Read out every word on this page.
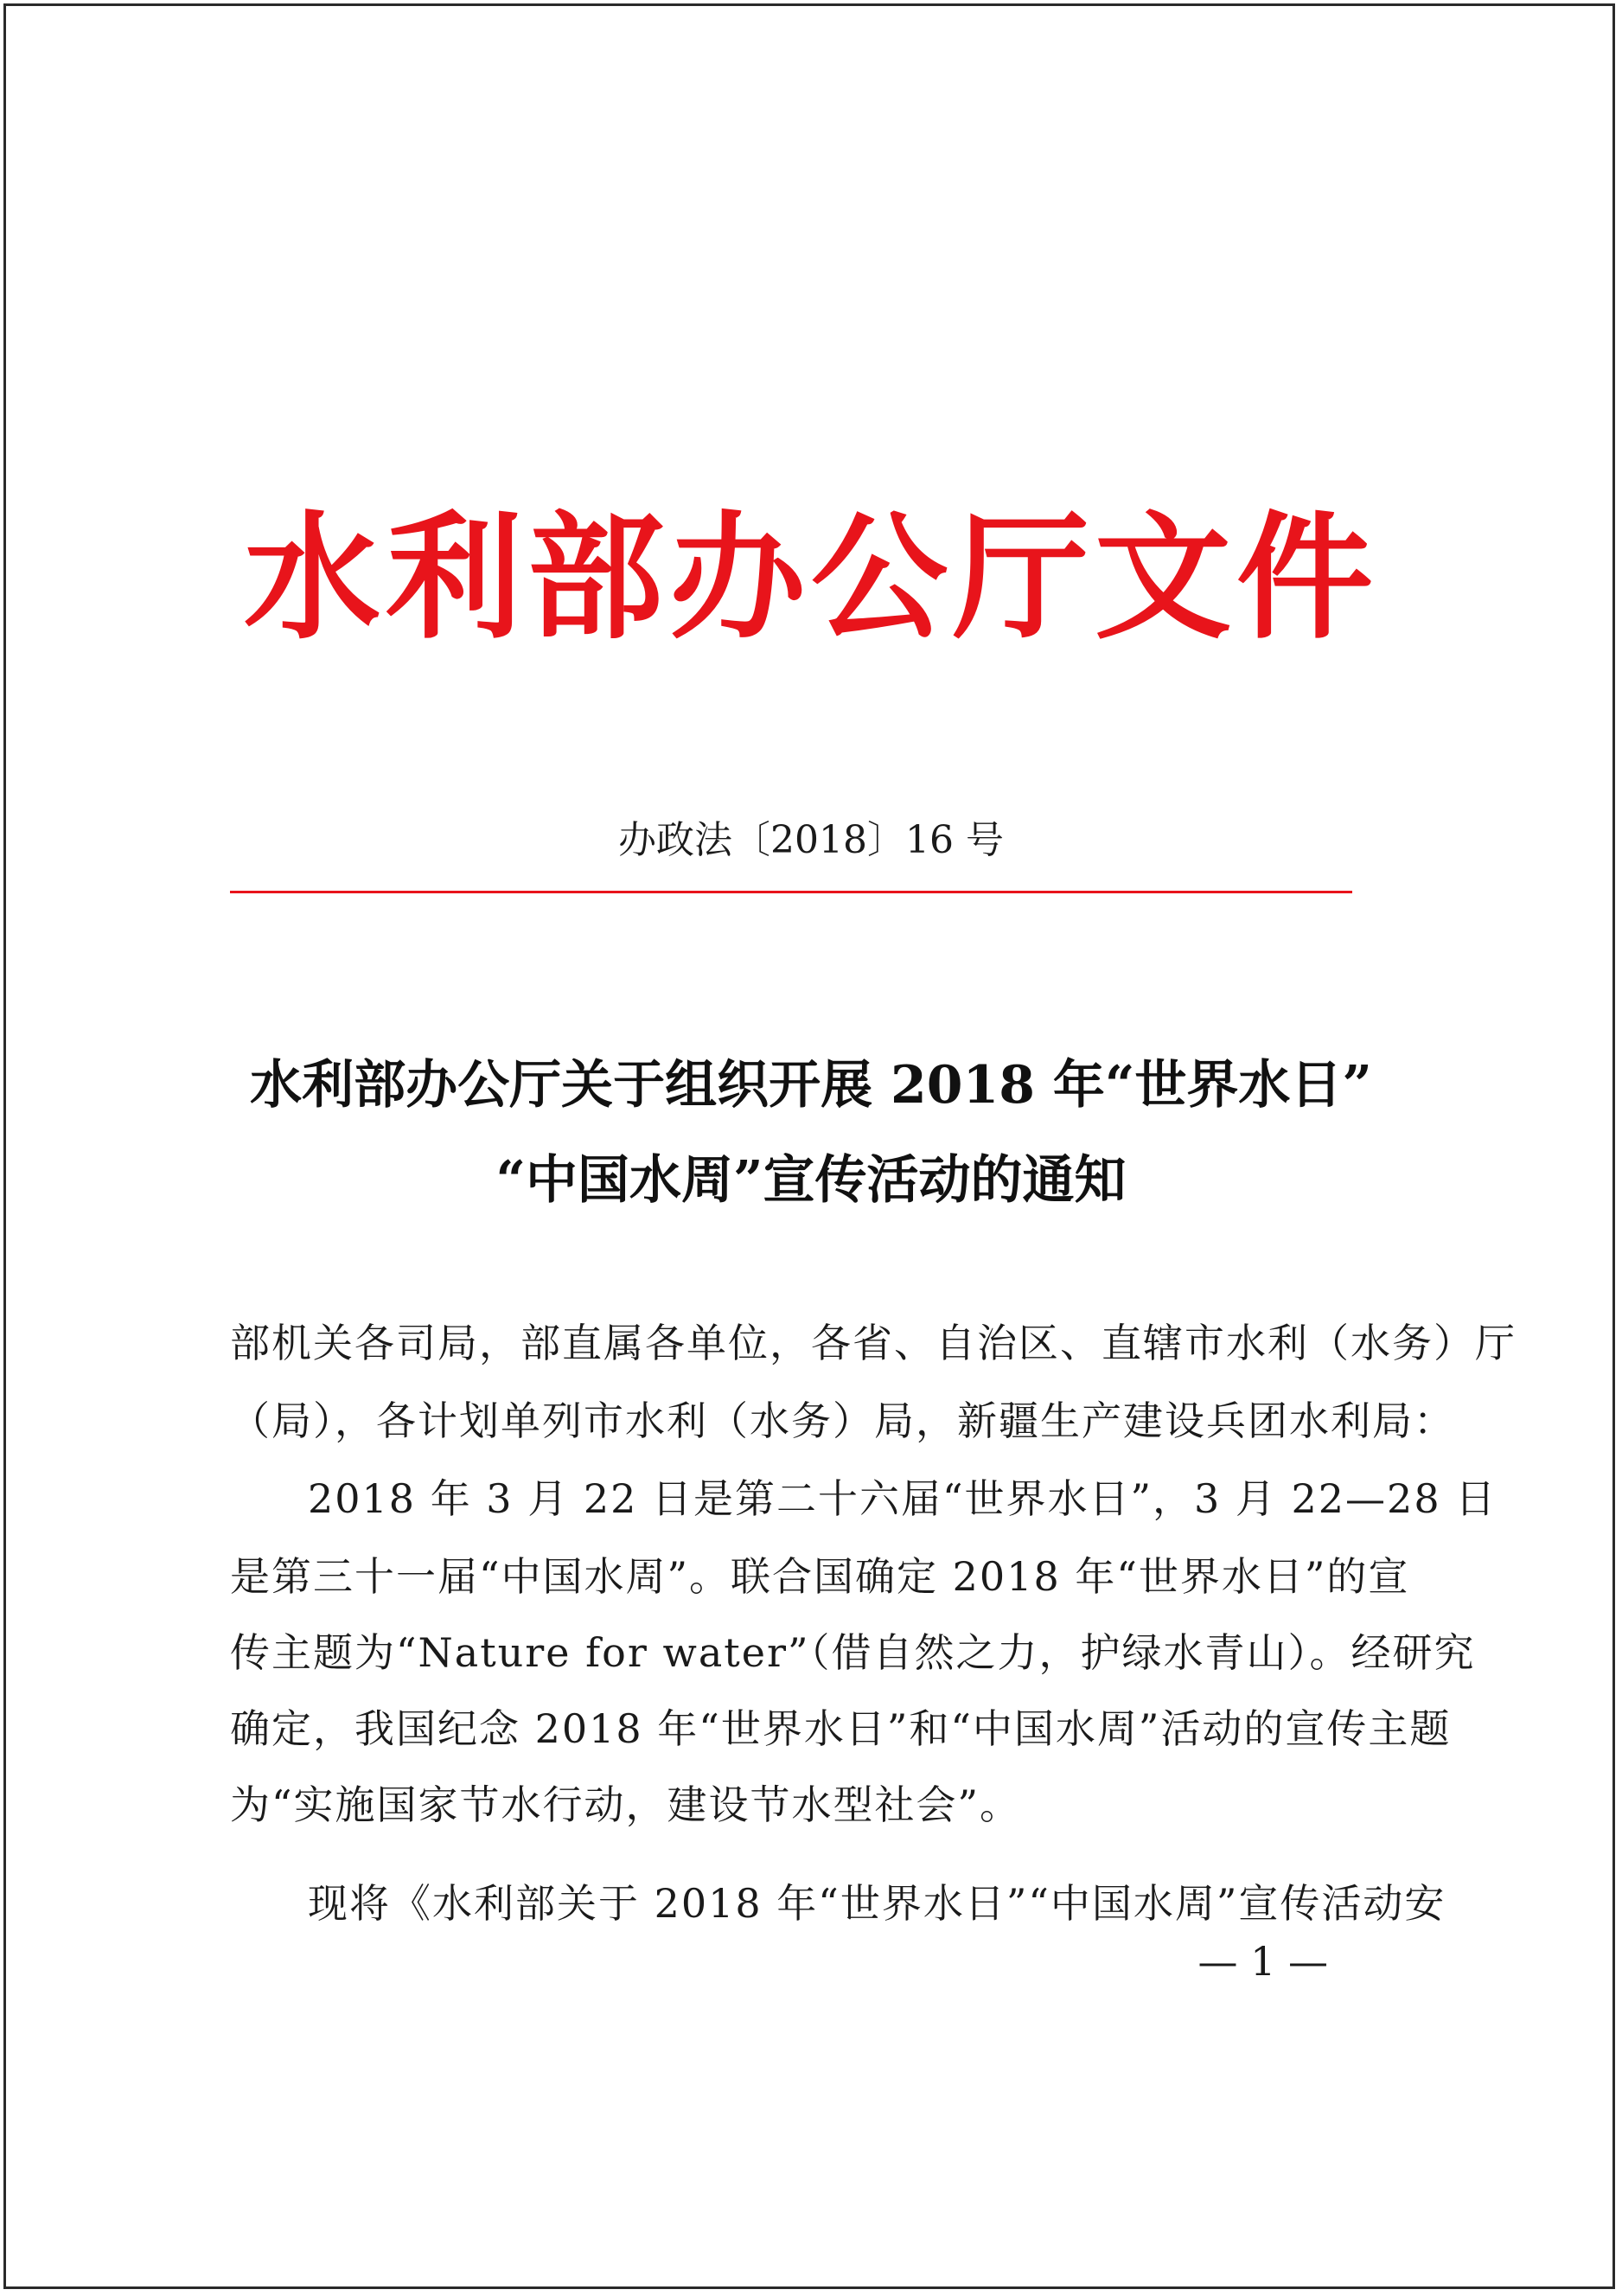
水利部办公厅文件
办政法〔2018〕16 号
水利部办公厅关于组织开展 2018 年“世界水日”
“中国水周”宣传活动的通知
部机关各司局，部直属各单位，各省、自治区、直辖市水利（水务）厅
（局），各计划单列市水利（水务）局，新疆生产建设兵团水利局：
2018 年 3 月 22 日是第二十六届“世界水日”，3 月 22—28 日
是第三十一届“中国水周”。联合国确定 2018 年“世界水日”的宣
传主题为“Nature for water”（借自然之力，护绿水青山）。经研究
确定，我国纪念 2018 年“世界水日”和“中国水周”活动的宣传主题
为“实施国家节水行动，建设节水型社会”。
现将《水利部关于 2018 年“世界水日”“中国水周”宣传活动安
— 1 —
